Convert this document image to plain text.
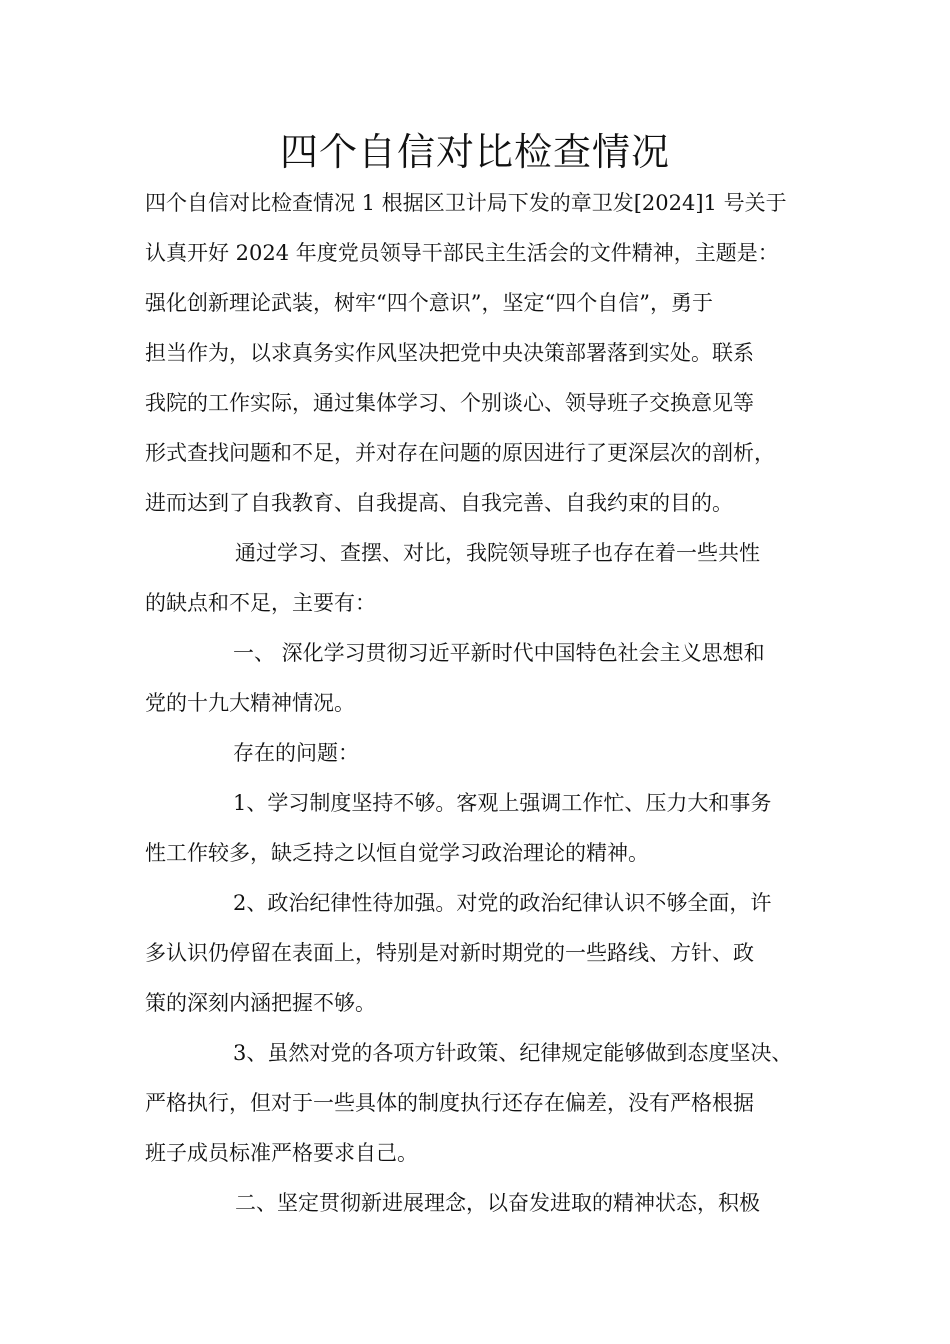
四个自信对比检查情况
四个自信对比检查情况 1 根据区卫计局下发的章卫发[2024]1 号关于
认真开好 2024 年度党员领导干部民主生活会的文件精神，主题是：
强化创新理论武装，树牢“四个意识”，坚定“四个自信”，勇于
担当作为，以求真务实作风坚决把党中央决策部署落到实处。联系
我院的工作实际，通过集体学习、个别谈心、领导班子交换意见等
形式查找问题和不足，并对存在问题的原因进行了更深层次的剖析，
进而达到了自我教育、自我提高、自我完善、自我约束的目的。
通过学习、查摆、对比，我院领导班子也存在着一些共性
的缺点和不足，主要有：
一、 深化学习贯彻习近平新时代中国特色社会主义思想和
党的十九大精神情况。
存在的问题：
1、学习制度坚持不够。客观上强调工作忙、压力大和事务
性工作较多，缺乏持之以恒自觉学习政治理论的精神。
2、政治纪律性待加强。对党的政治纪律认识不够全面，许
多认识仍停留在表面上，特别是对新时期党的一些路线、方针、政
策的深刻内涵把握不够。
3、虽然对党的各项方针政策、纪律规定能够做到态度坚决、
严格执行，但对于一些具体的制度执行还存在偏差，没有严格根据
班子成员标准严格要求自己。
二、坚定贯彻新进展理念，以奋发进取的精神状态，积极
